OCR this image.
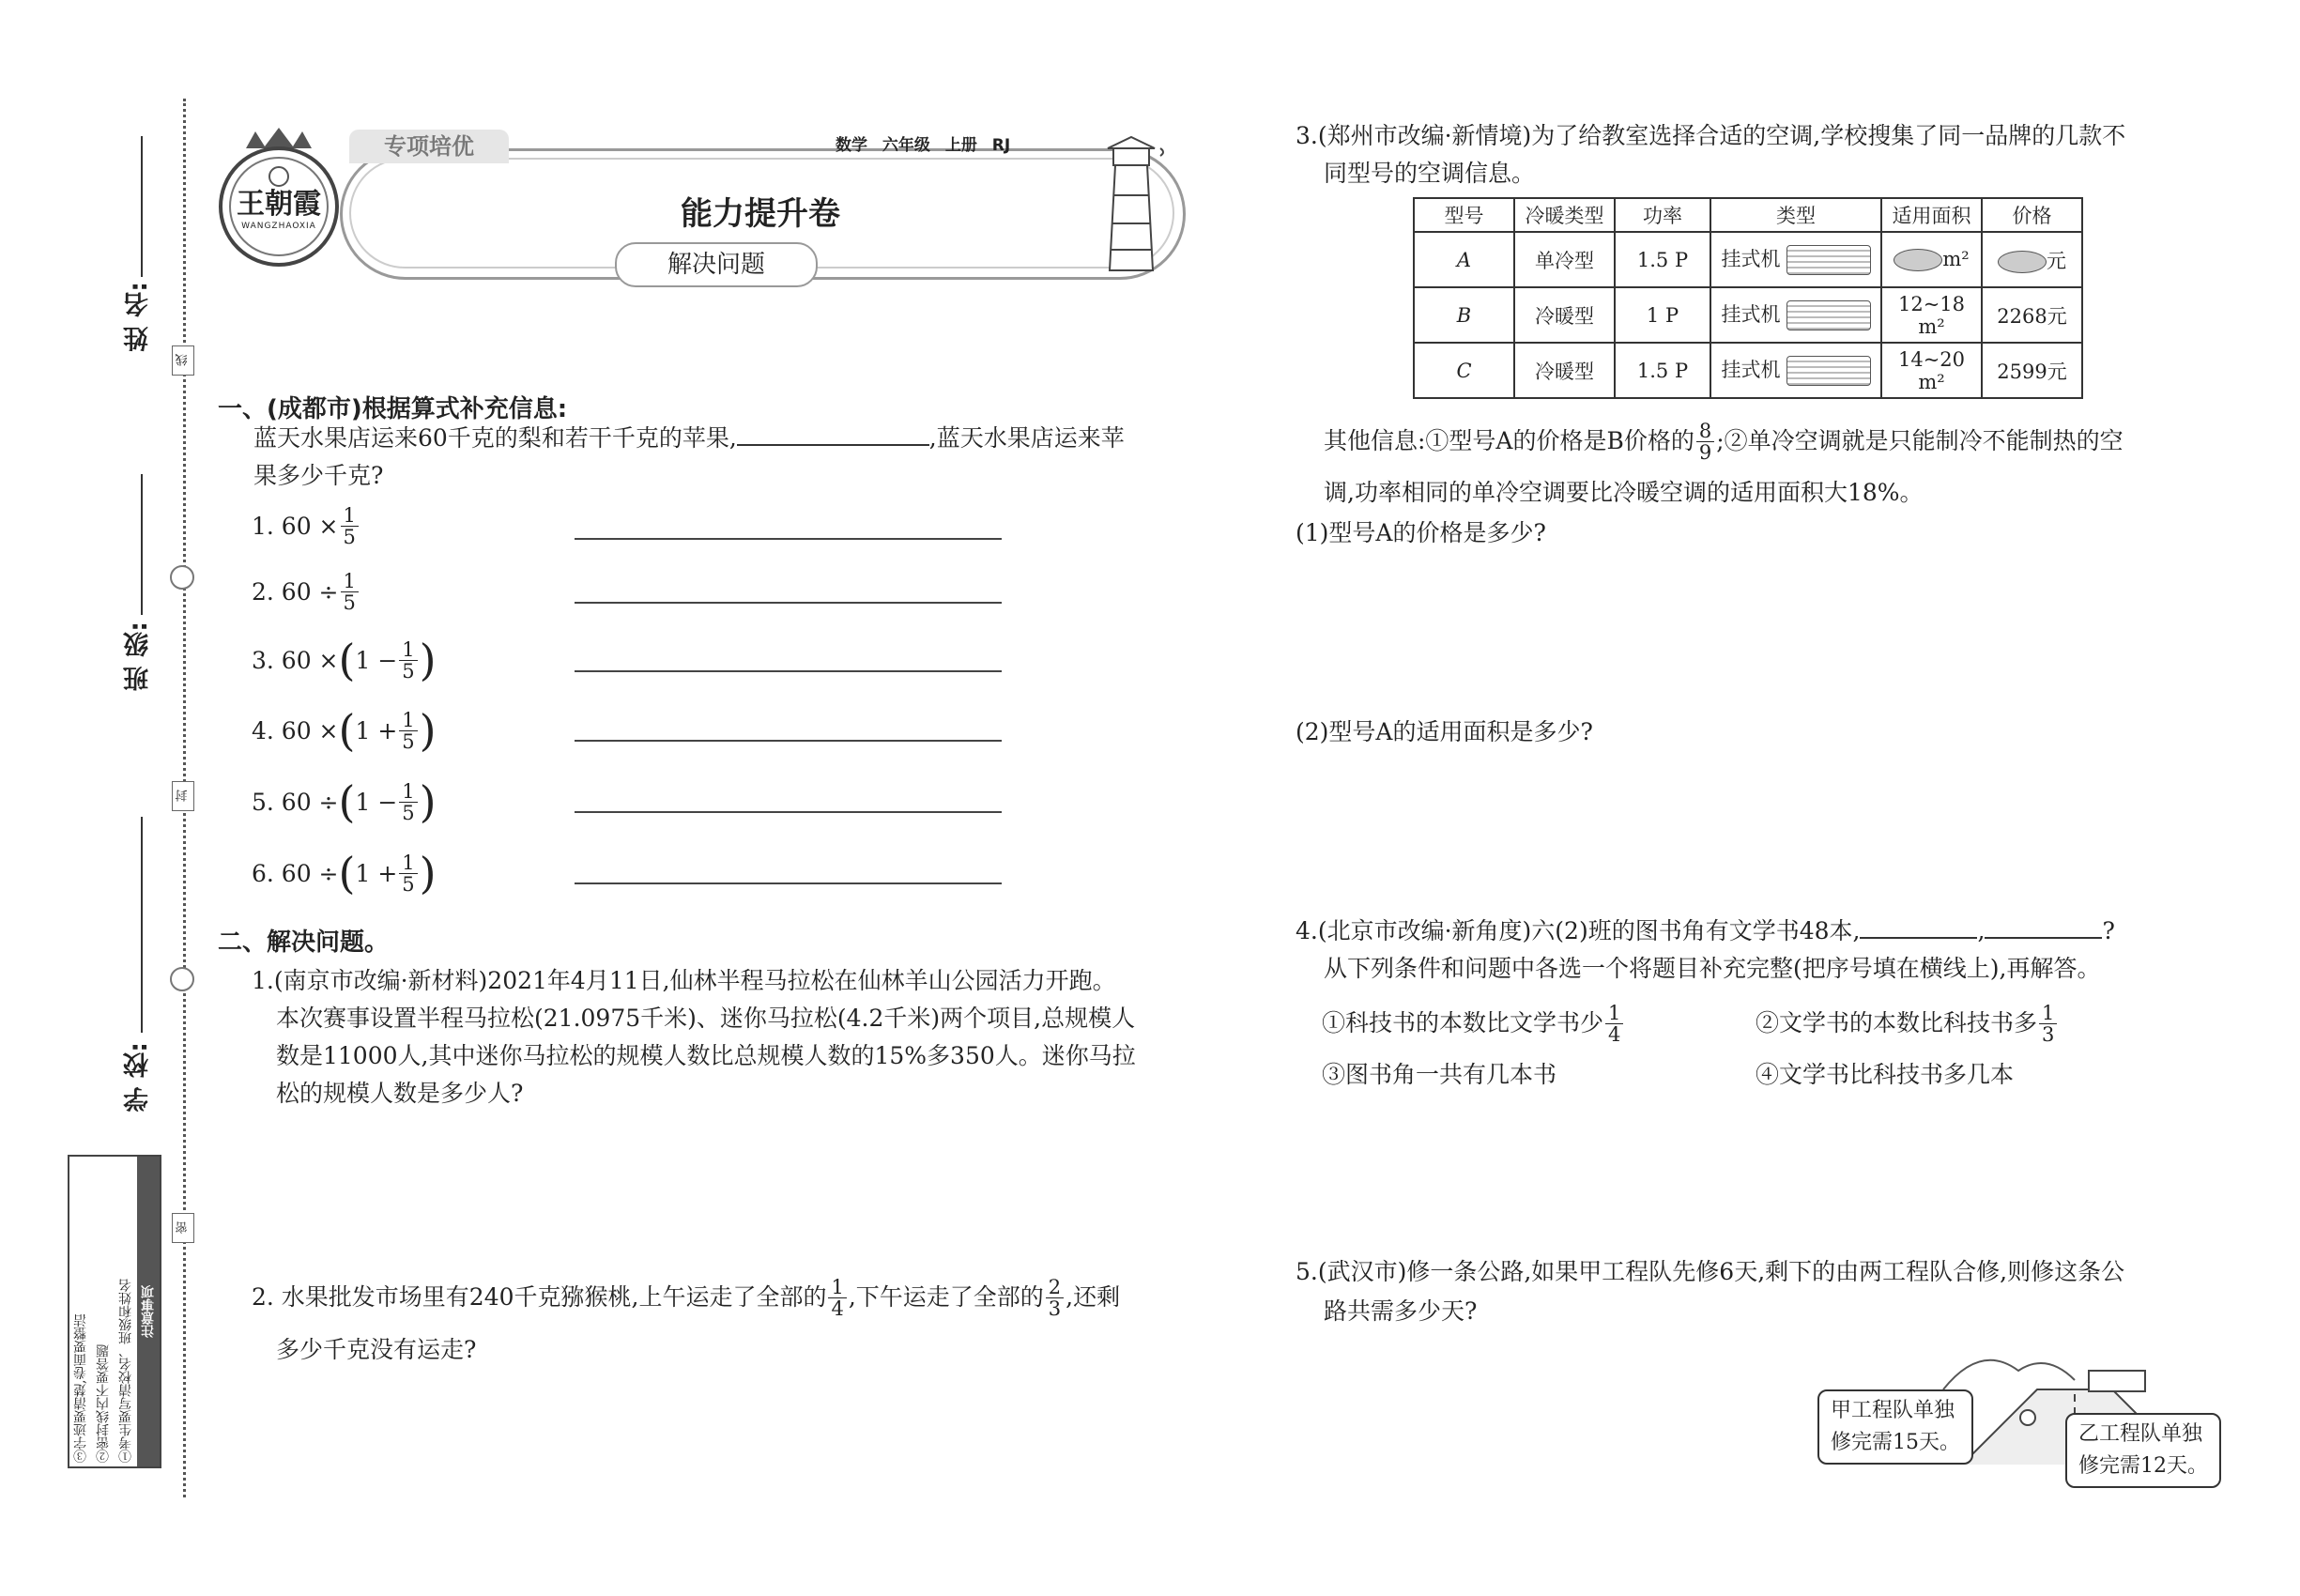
线
封
密
姓 名:
班 级:
学 校:
注意事项
①考生要写清校名、班级和姓名
②密封线内不要答题
③字迹要清楚,卷面要整洁
王朝霞
WANGZHAOXIA
专项培优	数学 六年级 上册 RJ
能力提升卷
解决问题
一、(成都市)根据算式补充信息:
蓝天水果店运来60千克的梨和若干千克的苹果,	,蓝天水果店运来苹
果多少千克?
1. $60 \times \frac{1}{5}$
2. $60 \div \frac{1}{5}$
3. 60 × ( $1 - \frac{1}{5}$ )
4. 60 × ( $1 + \frac{1}{5}$ )
5. 60 ÷ ( $1 - \frac{1}{5}$ )
6. 60 ÷ ( $1 + \frac{1}{5}$ )
二、解决问题。
1.(南京市改编·新材料)2021年4月11日,仙林半程马拉松在仙林羊山公园活力开跑。
本次赛事设置半程马拉松(21.0975千米)、迷你马拉松(4.2千米)两个项目,总规模人
数是11000人,其中迷你马拉松的规模人数比总规模人数的15%多350人。迷你马拉
松的规模人数是多少人?
2. 水果批发市场里有240千克猕猴桃,上午运走了全部的 $\frac{1}{4}$ ,下午运走了全部的 $\frac{2}{3}$ ,还剩
多少千克没有运走?
3.(郑州市改编·新情境)为了给教室选择合适的空调,学校搜集了同一品牌的几款不
同型号的空调信息。
型号	冷暖类型	功率	类型	适用面积	价格
A	单冷型	1.5 P	挂式机	m²	元
B	冷暖型	1 P	挂式机	12~18 m²	2268元
C	冷暖型	1.5 P	挂式机	14~20 m²	2599元
其他信息:①型号A的价格是B价格的 $\frac{8}{9}$ ;②单冷空调就是只能制冷不能制热的空
调,功率相同的单冷空调要比冷暖空调的适用面积大18%。
(1)型号A的价格是多少?
(2)型号A的适用面积是多少?
4.(北京市改编·新角度)六(2)班的图书角有文学书48本,	,	?
从下列条件和问题中各选一个将题目补充完整(把序号填在横线上),再解答。
①科技书的本数比文学书少 $\frac{1}{4}$	②文学书的本数比科技书多 $\frac{1}{3}$
③图书角一共有几本书	④文学书比科技书多几本
5.(武汉市)修一条公路,如果甲工程队先修6天,剩下的由两工程队合修,则修这条公
路共需多少天?
甲工程队单独
修完需15天。	乙工程队单独
修完需12天。
